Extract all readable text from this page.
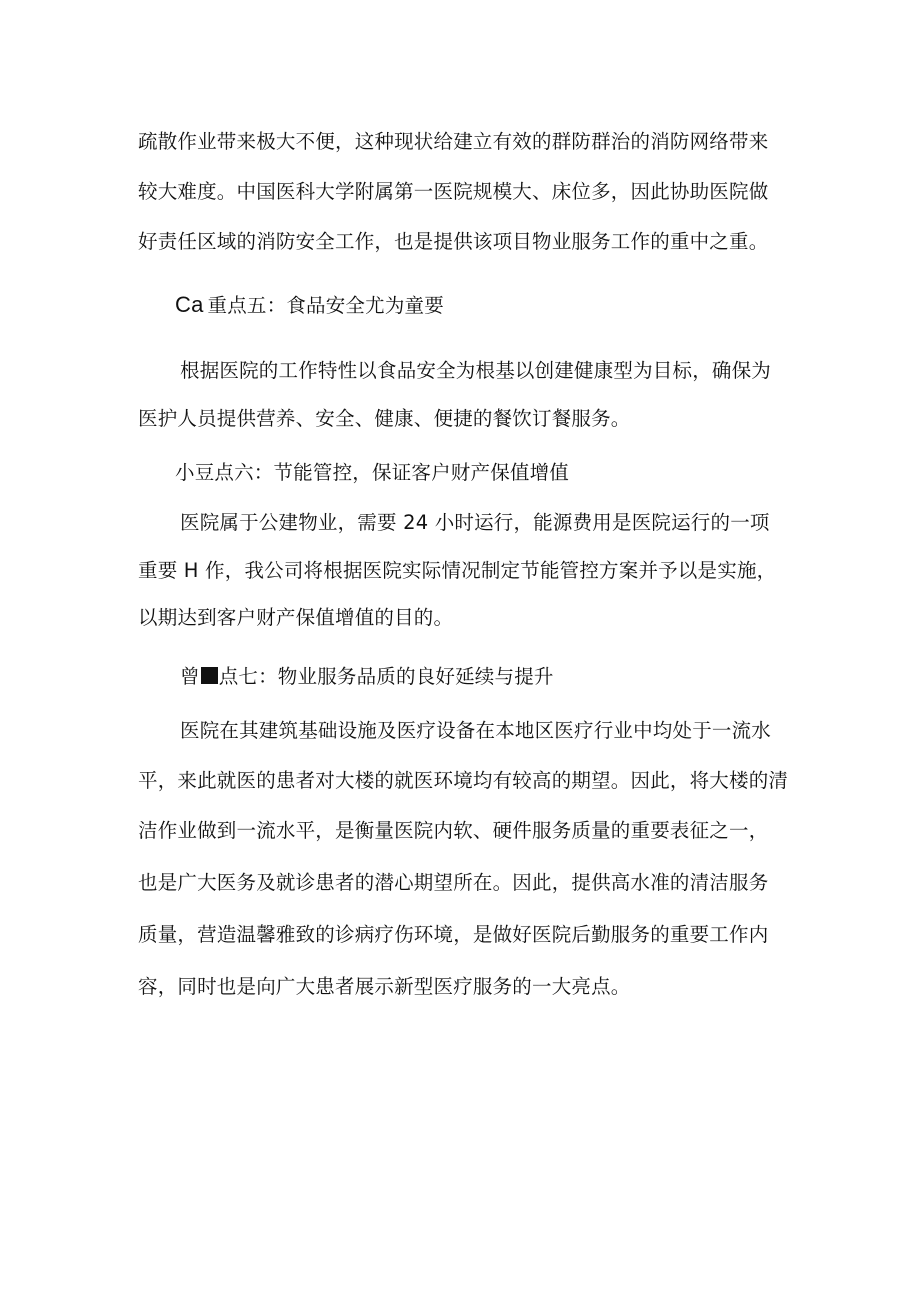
疏散作业带来极大不便，这种现状给建立有效的群防群治的消防网络带来
较大难度。中国医科大学附属第一医院规模大、床位多，因此协助医院做
好责任区域的消防安全工作，也是提供该项目物业服务工作的重中之重。
Ca 重点五：食品安全尤为童要
根据医院的工作特性以食品安全为根基以创建健康型为目标，确保为
医护人员提供营养、安全、健康、便捷的餐饮订餐服务。
小豆点六：节能管控，保证客户财产保值增值
医院属于公建物业，需要 24 小时运行，能源费用是医院运行的一项
重要 H 作，我公司将根据医院实际情况制定节能管控方案并予以是实施，
以期达到客户财产保值增值的目的。
曾 点七：物业服务品质的良好延续与提升
医院在其建筑基础设施及医疗设备在本地区医疗行业中均处于一流水
平，来此就医的患者对大楼的就医环境均有较高的期望。因此，将大楼的清
洁作业做到一流水平，是衡量医院内软、硬件服务质量的重要表征之一，
也是广大医务及就诊患者的潜心期望所在。因此，提供高水准的清洁服务
质量，营造温馨雅致的诊病疗伤环境，是做好医院后勤服务的重要工作内
容，同时也是向广大患者展示新型医疗服务的一大亮点。
